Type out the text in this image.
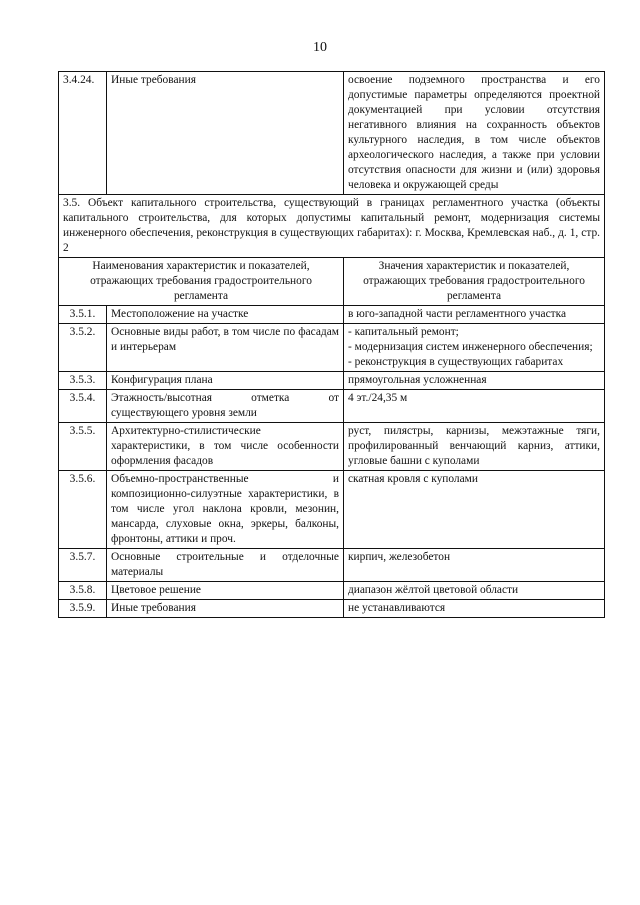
10
3.4.24.	Иные требования	освоение подземного пространства и его допустимые параметры определяются проектной документацией при условии отсутствия негативного влияния на сохранность объектов культурного наследия, в том числе объектов археологического наследия, а также при условии отсутствия опасности для жизни и (или) здоровья человека и окружающей среды
3.5. Объект капитального строительства, существующий в границах регламентного участка (объекты капитального строительства, для которых допустимы капитальный ремонт, модернизация системы инженерного обеспечения, реконструкция в существующих габаритах): г. Москва, Кремлевская наб., д. 1, стр. 2		
Наименования характеристик и показателей, отражающих требования градостроительного регламента		Значения характеристик и показателей, отражающих требования градостроительного регламента
3.5.1.	Местоположение на участке	в юго-западной части регламентного участка
3.5.2.	Основные виды работ, в том числе по фасадам и интерьерам	- капитальный ремонт;
- модернизация систем инженерного обеспечения;
- реконструкция в существующих габаритах

3.5.3.	Конфигурация плана	прямоугольная усложненная
3.5.4.	Этажность/высотная отметка от существующего уровня земли	4 эт./24,35 м
3.5.5.	Архитектурно-стилистические характеристики, в том числе особенности оформления фасадов	руст, пилястры, карнизы, межэтажные тяги, профилированный венчающий карниз, аттики, угловые башни с куполами
3.5.6.	Объемно-пространственные и композиционно-силуэтные характеристики, в том числе угол наклона кровли, мезонин, мансарда, слуховые окна, эркеры, балконы, фронтоны, аттики и проч.	скатная кровля с куполами
3.5.7.	Основные строительные и отделочные материалы	кирпич, железобетон
3.5.8.	Цветовое решение	диапазон жёлтой цветовой области
3.5.9.	Иные требования	не устанавливаются
